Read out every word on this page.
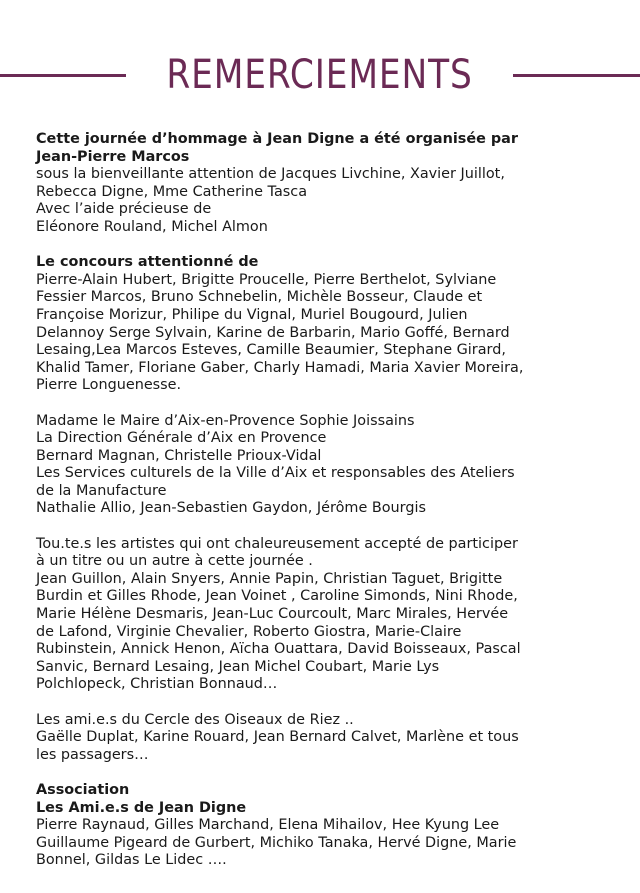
REMERCIEMENTS
Cette journée d’hommage à Jean Digne a été organisée par
Jean-Pierre Marcos
sous la bienveillante attention de Jacques Livchine, Xavier Juillot,
Rebecca Digne, Mme Catherine Tasca
Avec l’aide précieuse de
Eléonore Rouland, Michel Almon
Le concours attentionné de
Pierre-Alain Hubert, Brigitte Proucelle, Pierre Berthelot, Sylviane
Fessier Marcos, Bruno Schnebelin, Michèle Bosseur, Claude et
Françoise Morizur, Philipe du Vignal, Muriel Bougourd, Julien
Delannoy Serge Sylvain, Karine de Barbarin, Mario Goffé, Bernard
Lesaing,Lea Marcos Esteves, Camille Beaumier, Stephane Girard,
Khalid Tamer, Floriane Gaber, Charly Hamadi, Maria Xavier Moreira,
Pierre Longuenesse.
Madame le Maire d’Aix-en-Provence Sophie Joissains
La Direction Générale d’Aix en Provence
Bernard Magnan, Christelle Prioux-Vidal
Les Services culturels de la Ville d’Aix et responsables des Ateliers
de la Manufacture
Nathalie Allio, Jean-Sebastien Gaydon, Jérôme Bourgis
Tou.te.s les artistes qui ont chaleureusement accepté de participer
à un titre ou un autre à cette journée .
Jean Guillon, Alain Snyers, Annie Papin, Christian Taguet, Brigitte
Burdin et Gilles Rhode, Jean Voinet , Caroline Simonds, Nini Rhode,
Marie Hélène Desmaris, Jean-Luc Courcoult, Marc Mirales, Hervée
de Lafond, Virginie Chevalier, Roberto Giostra, Marie-Claire
Rubinstein, Annick Henon, Aïcha Ouattara, David Boisseaux, Pascal
Sanvic, Bernard Lesaing, Jean Michel Coubart, Marie Lys
Polchlopeck, Christian Bonnaud…
Les ami.e.s du Cercle des Oiseaux de Riez ..
Gaëlle Duplat, Karine Rouard, Jean Bernard Calvet, Marlène et tous
les passagers…
Association
Les Ami.e.s de Jean Digne
Pierre Raynaud, Gilles Marchand, Elena Mihailov, Hee Kyung Lee
Guillaume Pigeard de Gurbert, Michiko Tanaka, Hervé Digne, Marie
Bonnel, Gildas Le Lidec ….
